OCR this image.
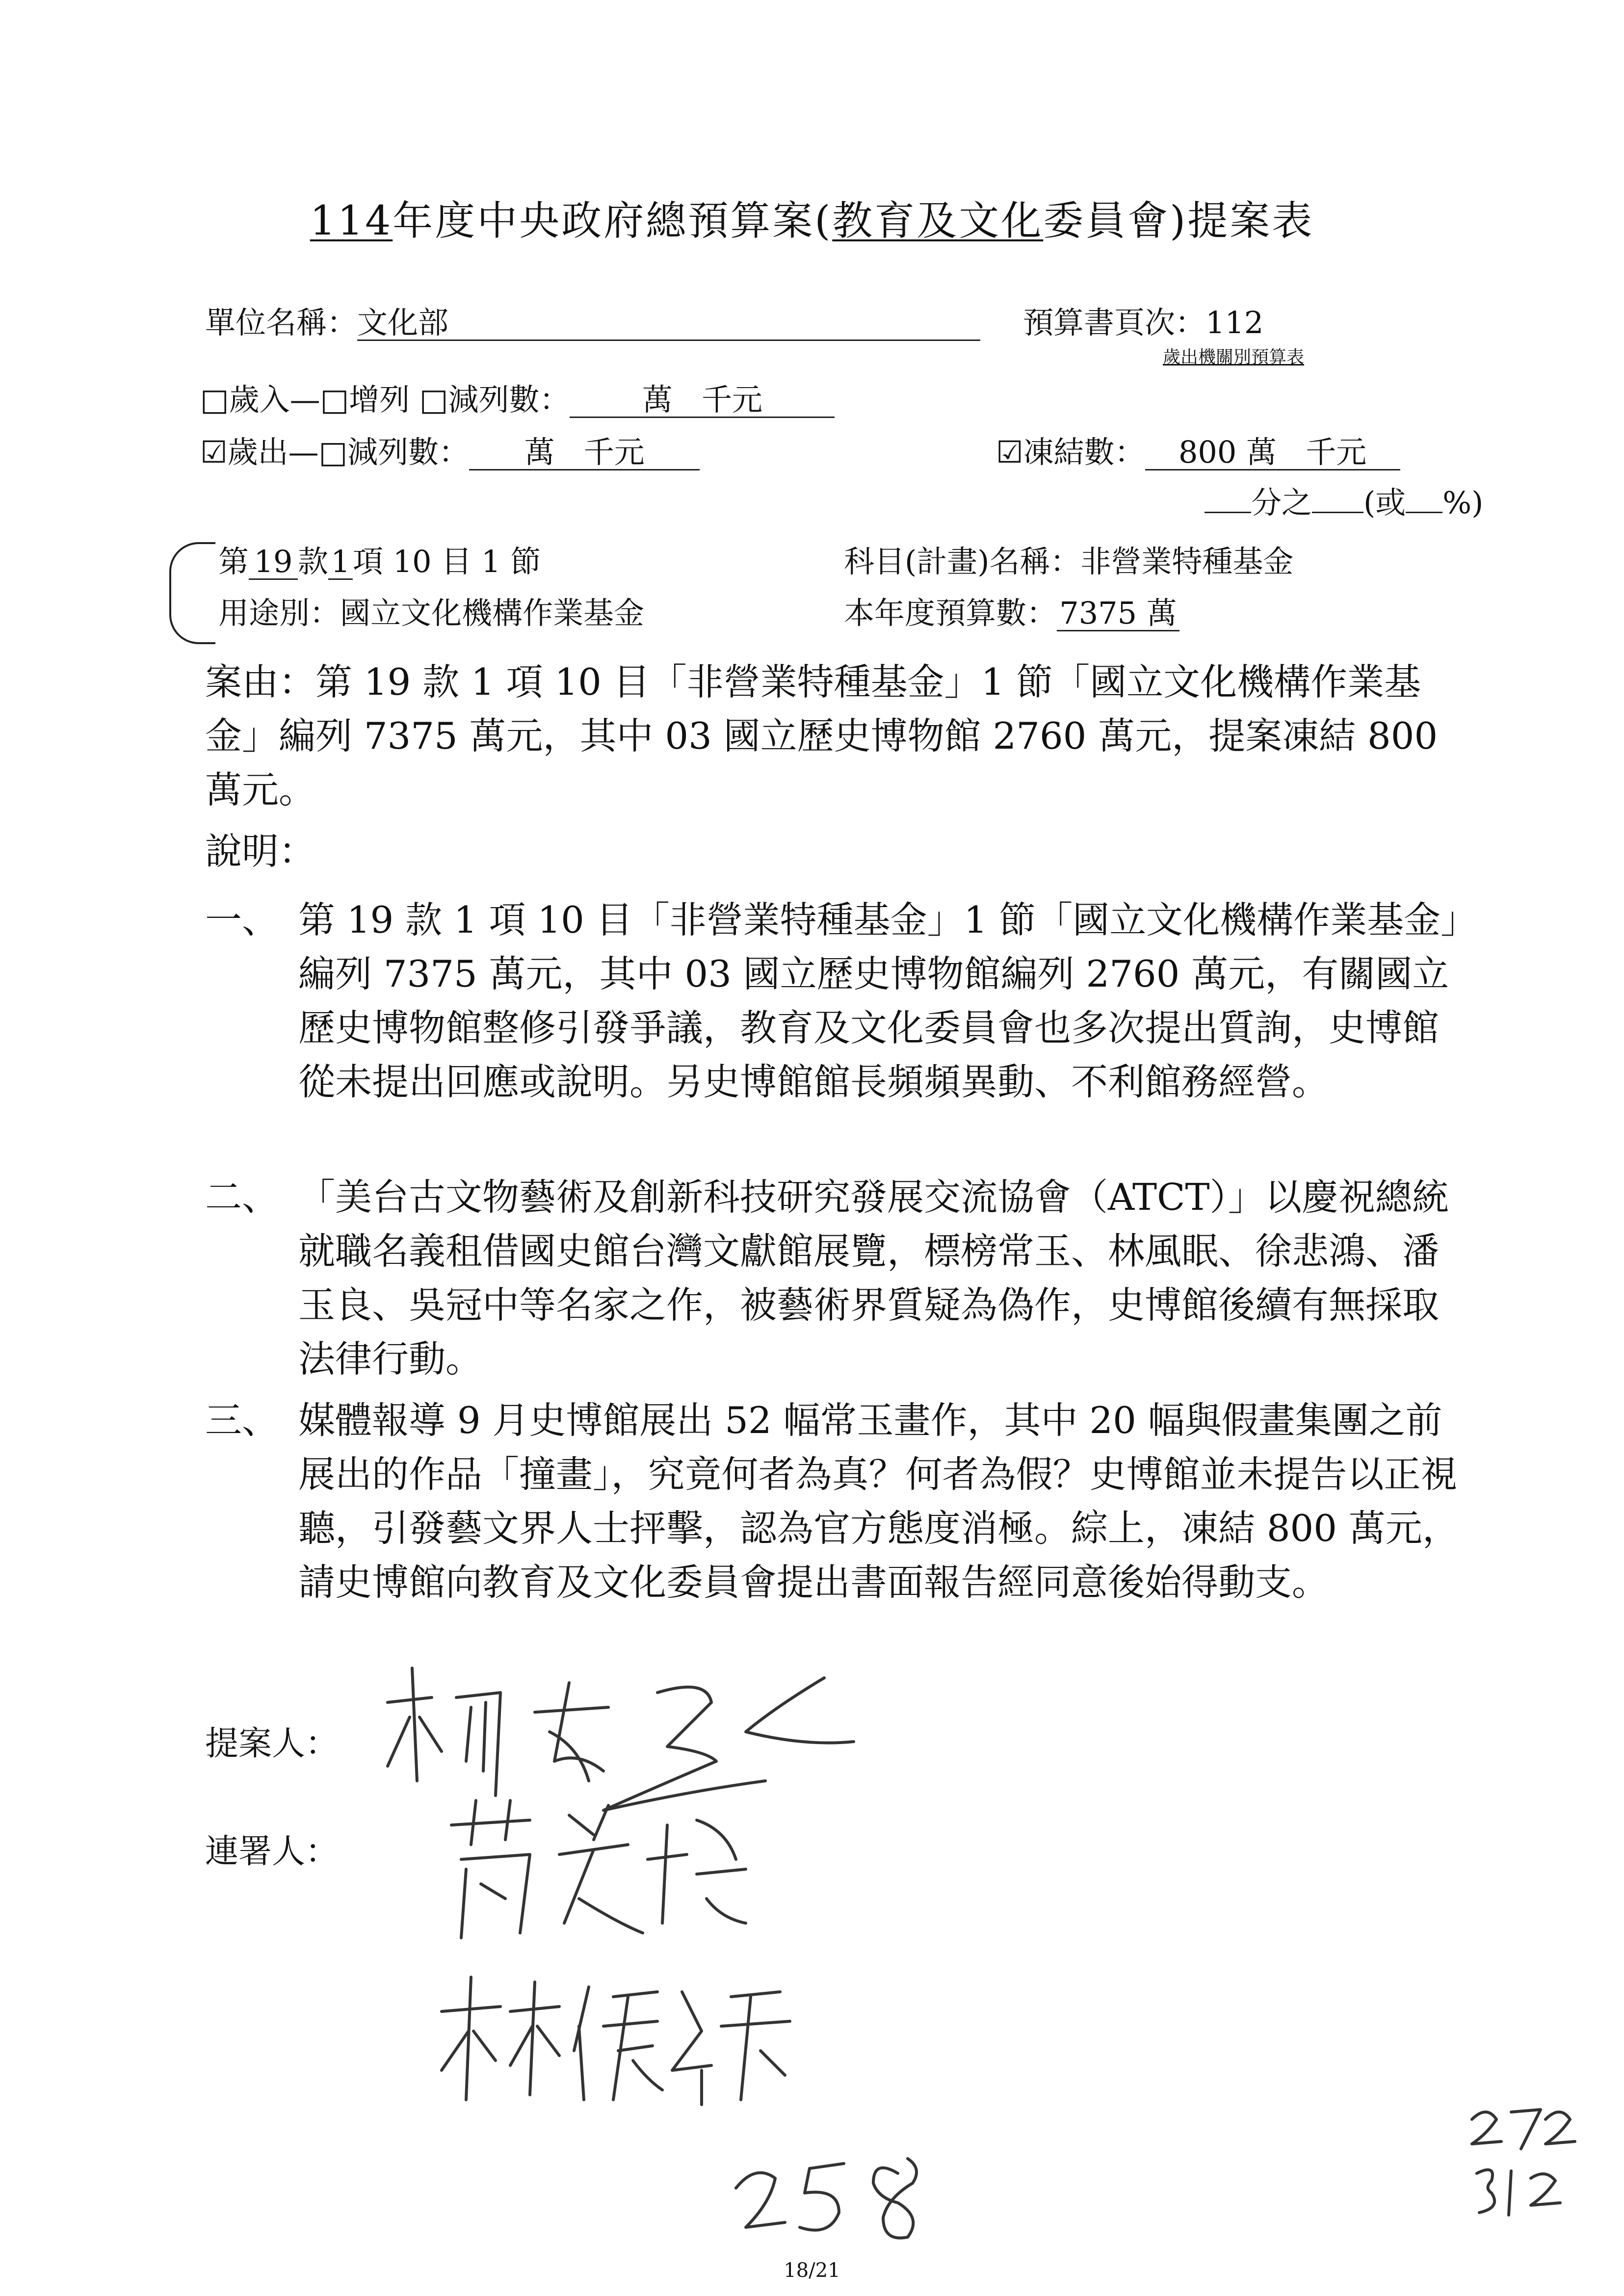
114年度中央政府總預算案(教育及文化委員會)提案表
單位名稱：文化部	預算書頁次：112
歲出機關別預算表
□歲入—□增列 □減列數： 萬 千元
☑歲出—□減列數： 萬 千元	☑凍結數： 800 萬 千元
分之 (或 %)
第 19 款1項 10 目 1 節	科目(計畫)名稱：非營業特種基金
用途別：國立文化機構作業基金	本年度預算數：7375 萬
案由：第 19 款 1 項 10 目「非營業特種基金」1 節「國立文化機構作業基金」編列 7375 萬元，其中 03 國立歷史博物館 2760 萬元，提案凍結 800 萬元。
說明：
一、 第 19 款 1 項 10 目「非營業特種基金」1 節「國立文化機構作業基金」編列 7375 萬元，其中 03 國立歷史博物館編列 2760 萬元，有關國立歷史博物館整修引發爭議，教育及文化委員會也多次提出質詢，史博館從未提出回應或說明。另史博館館長頻頻異動、不利館務經營。
二、 「美台古文物藝術及創新科技研究發展交流協會（ATCT）」以慶祝總統就職名義租借國史館台灣文獻館展覽，標榜常玉、林風眠、徐悲鴻、潘玉良、吳冠中等名家之作，被藝術界質疑為偽作，史博館後續有無採取法律行動。
三、 媒體報導 9 月史博館展出 52 幅常玉畫作，其中 20 幅與假畫集團之前展出的作品「撞畫」，究竟何者為真？何者為假？史博館並未提告以正視聽，引發藝文界人士抨擊，認為官方態度消極。綜上，凍結 800 萬元，請史博館向教育及文化委員會提出書面報告經同意後始得動支。
提案人：
連署人：
18/21
